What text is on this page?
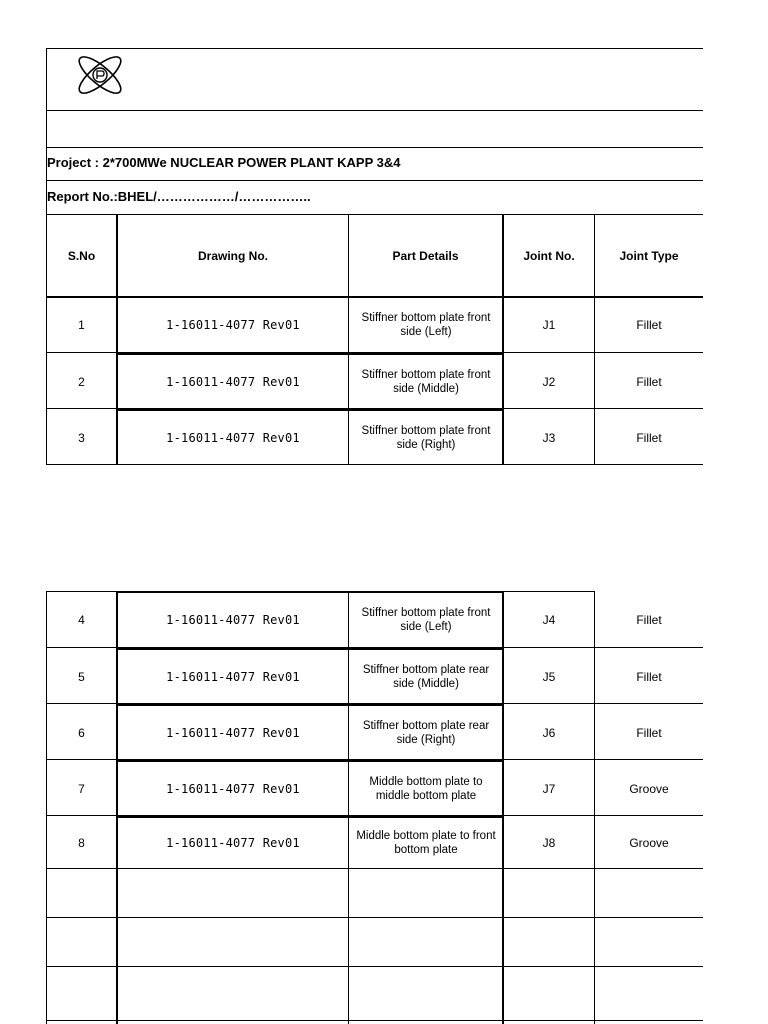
Project : 2*700MWe NUCLEAR POWER PLANT KAPP 3&4
Report No.:BHEL/………………/……………..
S.No	Drawing No.	Part Details	Joint No.	Joint Type
1	1-16011-4077 Rev01	Stiffner bottom plate front side (Left)	J1	Fillet
2	1-16011-4077 Rev01	Stiffner bottom plate front side (Middle)	J2	Fillet
3	1-16011-4077 Rev01	Stiffner bottom plate front side (Right)	J3	Fillet
4	1-16011-4077 Rev01	Stiffner bottom plate front side (Left)	J4	Fillet
5	1-16011-4077 Rev01	Stiffner bottom plate rear side (Middle)	J5	Fillet
6	1-16011-4077 Rev01	Stiffner bottom plate rear side (Right)	J6	Fillet
7	1-16011-4077 Rev01	Middle bottom plate to middle bottom plate	J7	Groove
8	1-16011-4077 Rev01	Middle bottom plate to front bottom plate	J8	Groove
